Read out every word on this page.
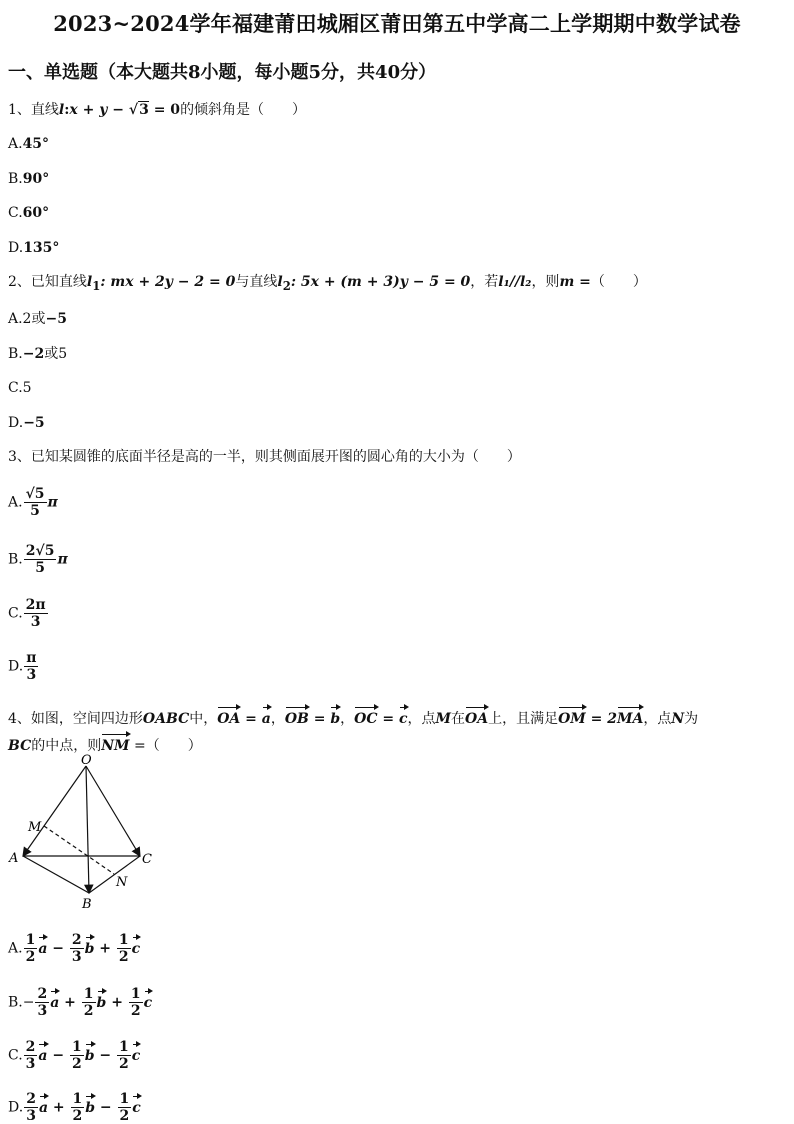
2023~2024学年福建莆田城厢区莆田第五中学高二上学期期中数学试卷
一、单选题（本大题共8小题，每小题5分，共40分）
1、直线l:x + y − √3 = 0的倾斜角是（　　）
A.45°
B.90°
C.60°
D.135°
2、已知直线$l_1$: mx + 2y − 2 = 0与直线$l_2$: 5x + (m + 3)y − 5 = 0，若l₁//l₂，则m =（　　）
A.2或−5
B.−2或5
C.5
D.−5
3、已知某圆锥的底面半径是高的一半，则其侧面展开图的圆心角的大小为（　　）
A. $\frac{√5}{5}$ π
B. $\frac{2√5}{5}$ π
C. $\frac{2\pi}{3}$
D. $\frac{\pi}{3}$
4、如图，空间四边形OABC中，OA = a，OB = b，OC = c，点M在OA上，且满足OM = 2MA，点N为
BC的中点，则NM =（　　）
O
M
A	C
N
B
A. $\frac{1}{2}$ $a - \frac{2}{3}$ $b + \frac{1}{2}$ c
$B.- \frac{2}{3}$ $a + \frac{1}{2}$ $b + \frac{1}{2}$ c
C. $\frac{2}{3}$ $a - \frac{1}{2}$ $b - \frac{1}{2}$ c
D. $\frac{2}{3}$ $a + \frac{1}{2}$ $b - \frac{1}{2}$ c
